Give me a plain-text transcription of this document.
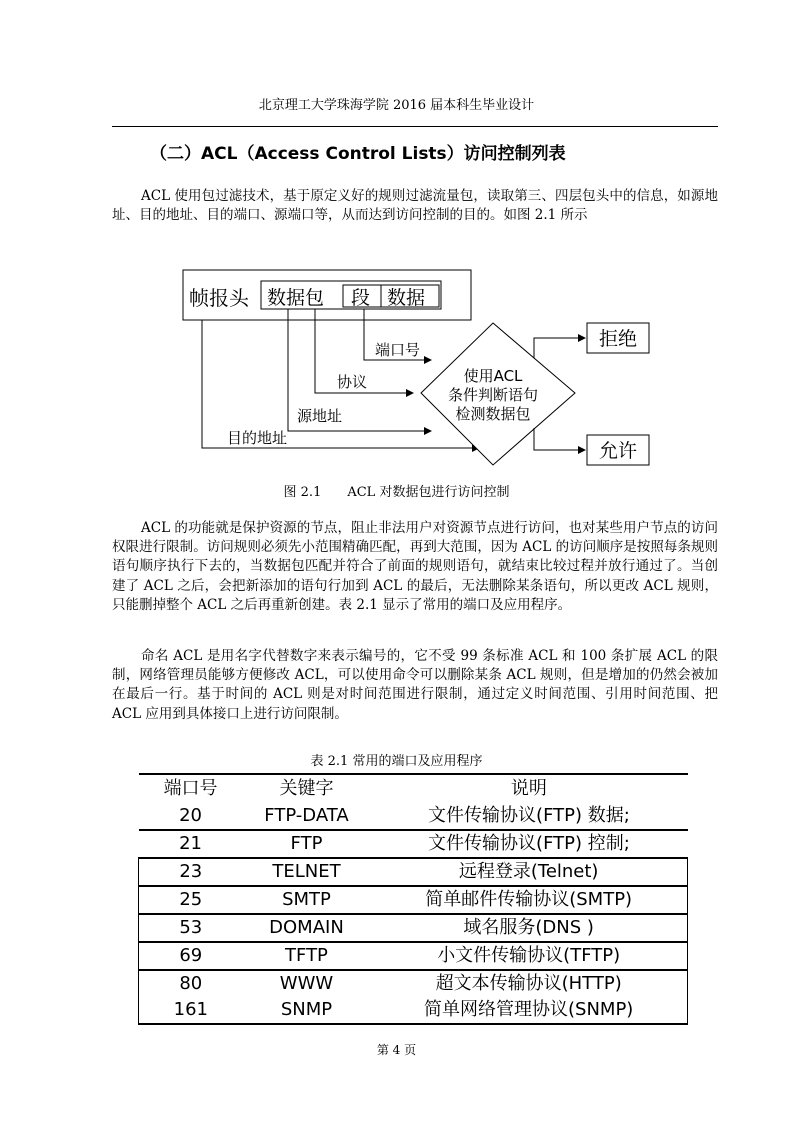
北京理工大学珠海学院 2016 届本科生毕业设计
（二）ACL（Access Control Lists）访问控制列表

ACL 使用包过滤技术，基于原定义好的规则过滤流量包，读取第三、四层包头中的信息，如源地址、目的地址、目的端口、源端口等，从而达到访问控制的目的。如图 2.1 所示

帧报头 数据包 段 数据
端口号
协议
源地址
目的地址
使用ACL
条件判断语句
检测数据包
拒绝
允许
图 2.1　　ACL 对数据包进行访问控制

ACL 的功能就是保护资源的节点，阻止非法用户对资源节点进行访问，也对某些用户节点的访问权限进行限制。访问规则必须先小范围精确匹配，再到大范围，因为 ACL 的访问顺序是按照每条规则语句顺序执行下去的，当数据包匹配并符合了前面的规则语句，就结束比较过程并放行通过了。当创建了 ACL 之后，会把新添加的语句行加到 ACL 的最后，无法删除某条语句，所以更改 ACL 规则，只能删掉整个 ACL 之后再重新创建。表 2.1 显示了常用的端口及应用程序。

命名 ACL 是用名字代替数字来表示编号的，它不受 99 条标准 ACL 和 100 条扩展 ACL 的限制，网络管理员能够方便修改 ACL，可以使用命令可以删除某条 ACL 规则，但是增加的仍然会被加在最后一行。基于时间的 ACL 则是对时间范围进行限制，通过定义时间范围、引用时间范围、把 ACL 应用到具体接口上进行访问限制。

表 2.1 常用的端口及应用程序
端口号	关键字	说明
20	FTP-DATA	文件传输协议(FTP) 数据;
21	FTP	文件传输协议(FTP) 控制;
23	TELNET	远程登录(Telnet)
25	SMTP	简单邮件传输协议(SMTP)
53	DOMAIN	域名服务(DNS )
69	TFTP	小文件传输协议(TFTP)
80	WWW	超文本传输协议(HTTP)
161	SNMP	简单网络管理协议(SNMP)
第 4 页
